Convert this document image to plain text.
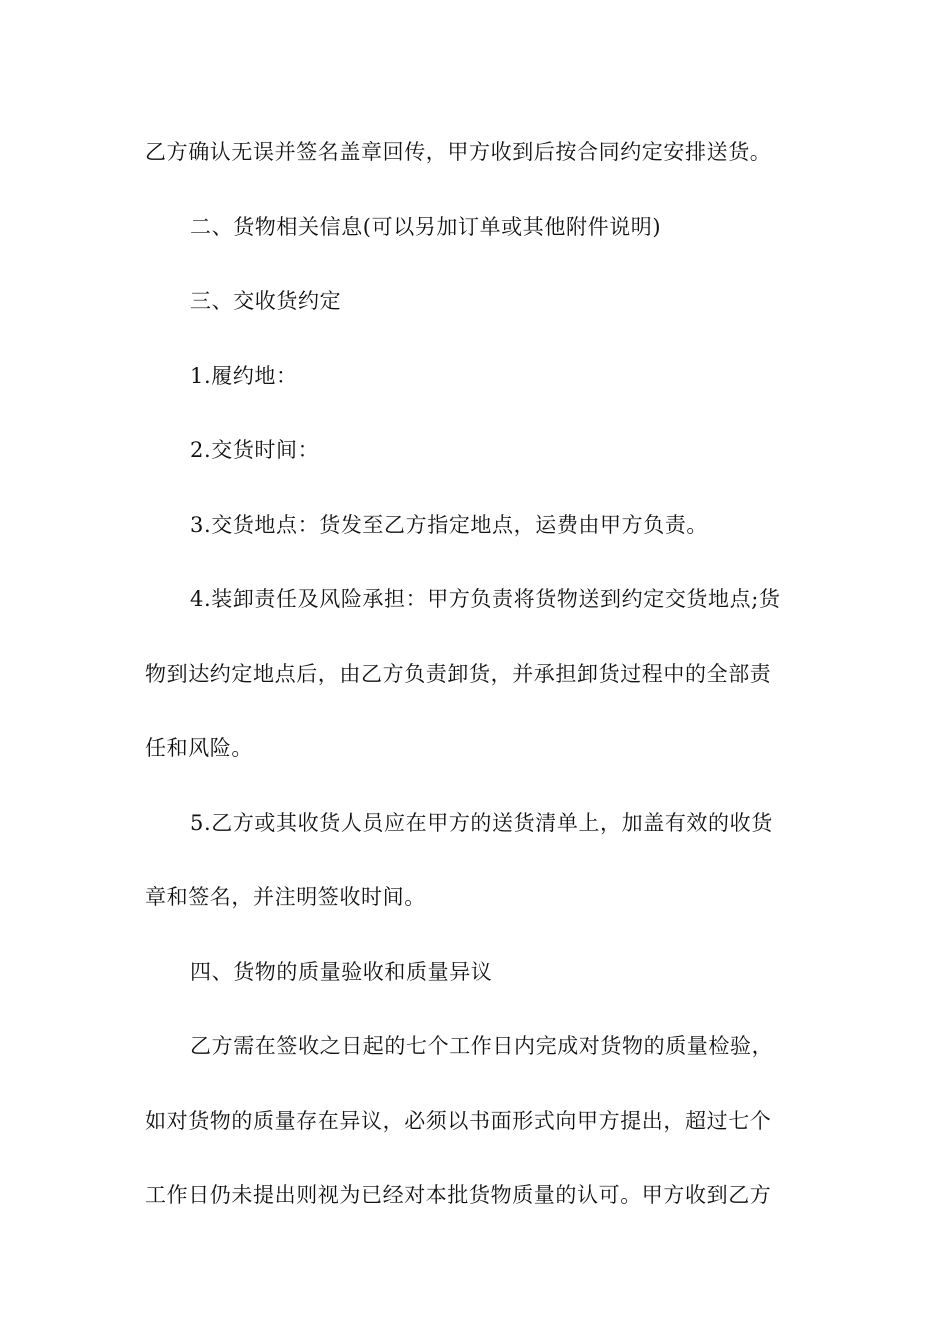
乙方确认无误并签名盖章回传，甲方收到后按合同约定安排送货。
二、货物相关信息(可以另加订单或其他附件说明)
三、交收货约定
1.履约地：
2.交货时间：
3.交货地点：货发至乙方指定地点，运费由甲方负责。
4.装卸责任及风险承担：甲方负责将货物送到约定交货地点;货
物到达约定地点后，由乙方负责卸货，并承担卸货过程中的全部责
任和风险。
5.乙方或其收货人员应在甲方的送货清单上，加盖有效的收货
章和签名，并注明签收时间。
四、货物的质量验收和质量异议
乙方需在签收之日起的七个工作日内完成对货物的质量检验，
如对货物的质量存在异议，必须以书面形式向甲方提出，超过七个
工作日仍未提出则视为已经对本批货物质量的认可。甲方收到乙方
